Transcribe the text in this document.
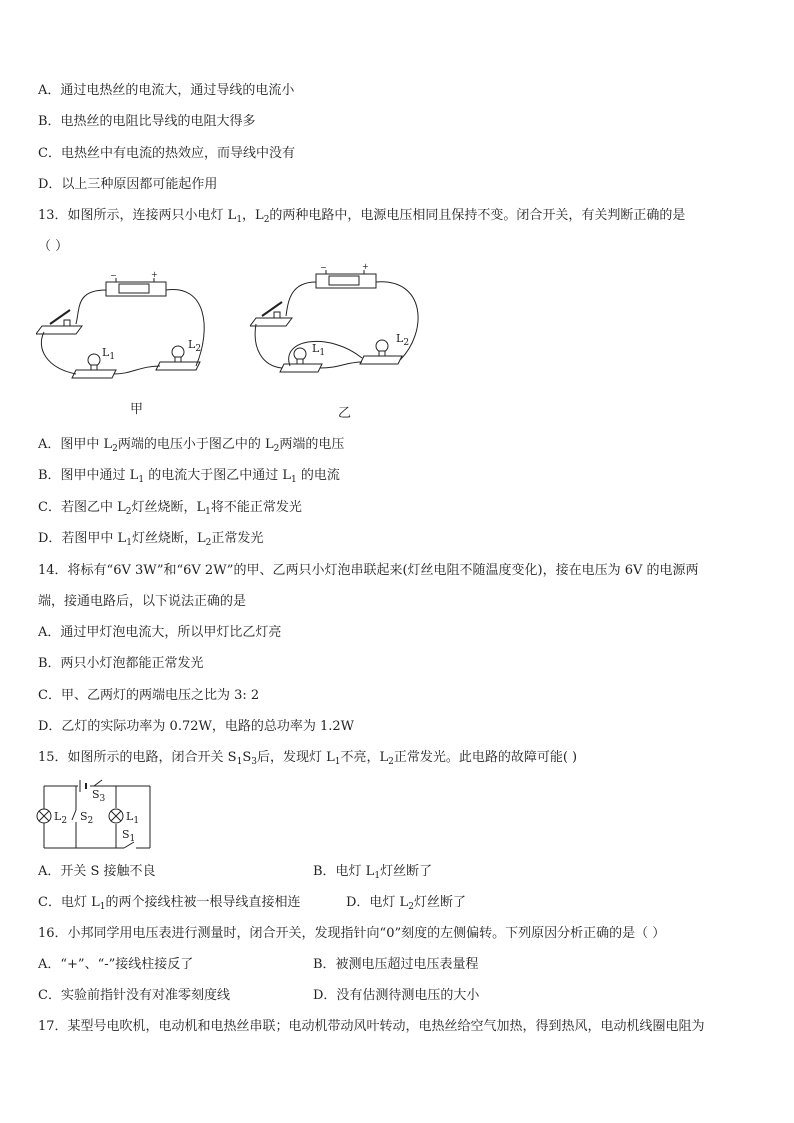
A．通过电热丝的电流大，通过导线的电流小
B．电热丝的电阻比导线的电阻大得多
C．电热丝中有电流的热效应，而导线中没有
D．以上三种原因都可能起作用
13．如图所示，连接两只小电灯 $L_1$，$L_2$的两种电路中，电源电压相同且保持不变。闭合开关，有关判断正确的是
（ ）
−	+
$L_1$
$L_2$
甲
−	+
$L_1$
$L_2$
乙
A．图甲中 $L_2$两端的电压小于图乙中的 $L_2$两端的电压
B．图甲中通过 $L_1$ 的电流大于图乙中通过 $L_1$ 的电流
C．若图乙中 $L_2$灯丝烧断，$L_1$将不能正常发光
D．若图甲中 $L_1$灯丝烧断，$L_2$正常发光
14．将标有“6V 3W”和“6V 2W”的甲、乙两只小灯泡串联起来(灯丝电阻不随温度变化)，接在电压为 6V 的电源两
端，接通电路后，以下说法正确的是
A．通过甲灯泡电流大，所以甲灯比乙灯亮
B．两只小灯泡都能正常发光
C．甲、乙两灯的两端电压之比为 3: 2
D．乙灯的实际功率为 0.72W，电路的总功率为 1.2W
15．如图所示的电路，闭合开关 $S_1S_3$后，发现灯 $L_1$不亮，$L_2$正常发光。此电路的故障可能( )
$S_3$
$L_2$ $S_2$	$L_1$
$S_1$
A．开关 S 接触不良	B．电灯 $L_1$灯丝断了
C．电灯 $L_1$的两个接线柱被一根导线直接相连	D．电灯 $L_2$灯丝断了
16．小邦同学用电压表进行测量时，闭合开关，发现指针向“0”刻度的左侧偏转。下列原因分析正确的是（ ）
A．“+”、“-”接线柱接反了	B．被测电压超过电压表量程
C．实验前指针没有对准零刻度线	D．没有估测待测电压的大小
17．某型号电吹机，电动机和电热丝串联；电动机带动风叶转动，电热丝给空气加热，得到热风，电动机线圈电阻为
